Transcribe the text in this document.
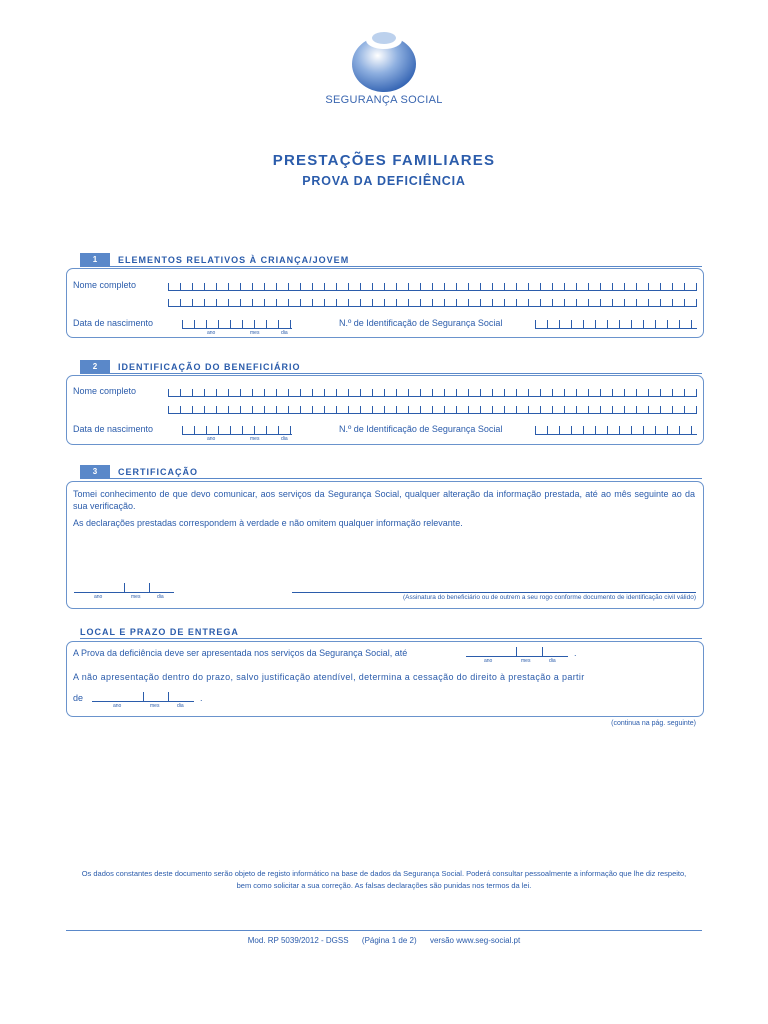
SEGURANÇA SOCIAL
PRESTAÇÕES FAMILIARES
PROVA DA DEFICIÊNCIA
1	ELEMENTOS RELATIVOS À CRIANÇA/JOVEM
Nome completo
Data de nascimento
ano	mes	dia
N.º de Identificação de Segurança Social
2	IDENTIFICAÇÃO DO BENEFICIÁRIO
Nome completo
Data de nascimento
ano	mes	dia
N.º de Identificação de Segurança Social
3	CERTIFICAÇÃO
Tomei conhecimento de que devo comunicar, aos serviços da Segurança Social, qualquer alteração da informação prestada, até ao mês seguinte ao da sua verificação.
As declarações prestadas correspondem à verdade e não omitem qualquer informação relevante.
ano	mes	dia	(Assinatura do beneficiário ou de outrem a seu rogo conforme documento de identificação civil válido)
LOCAL E PRAZO DE ENTREGA
A Prova da deficiência deve ser apresentada nos serviços da Segurança Social, até
ano	mes	dia
.
A não apresentação dentro do prazo, salvo justificação atendível, determina a cessação do direito à prestação a partir
de
ano	mes	dia
.
(continua na pág. seguinte)
Os dados constantes deste documento serão objeto de registo informático na base de dados da Segurança Social. Poderá consultar pessoalmente a informação que lhe diz respeito, bem como solicitar a sua correção. As falsas declarações são punidas nos termos da lei.
Mod. RP 5039/2012 - DGSS (Página 1 de 2) versão www.seg-social.pt
